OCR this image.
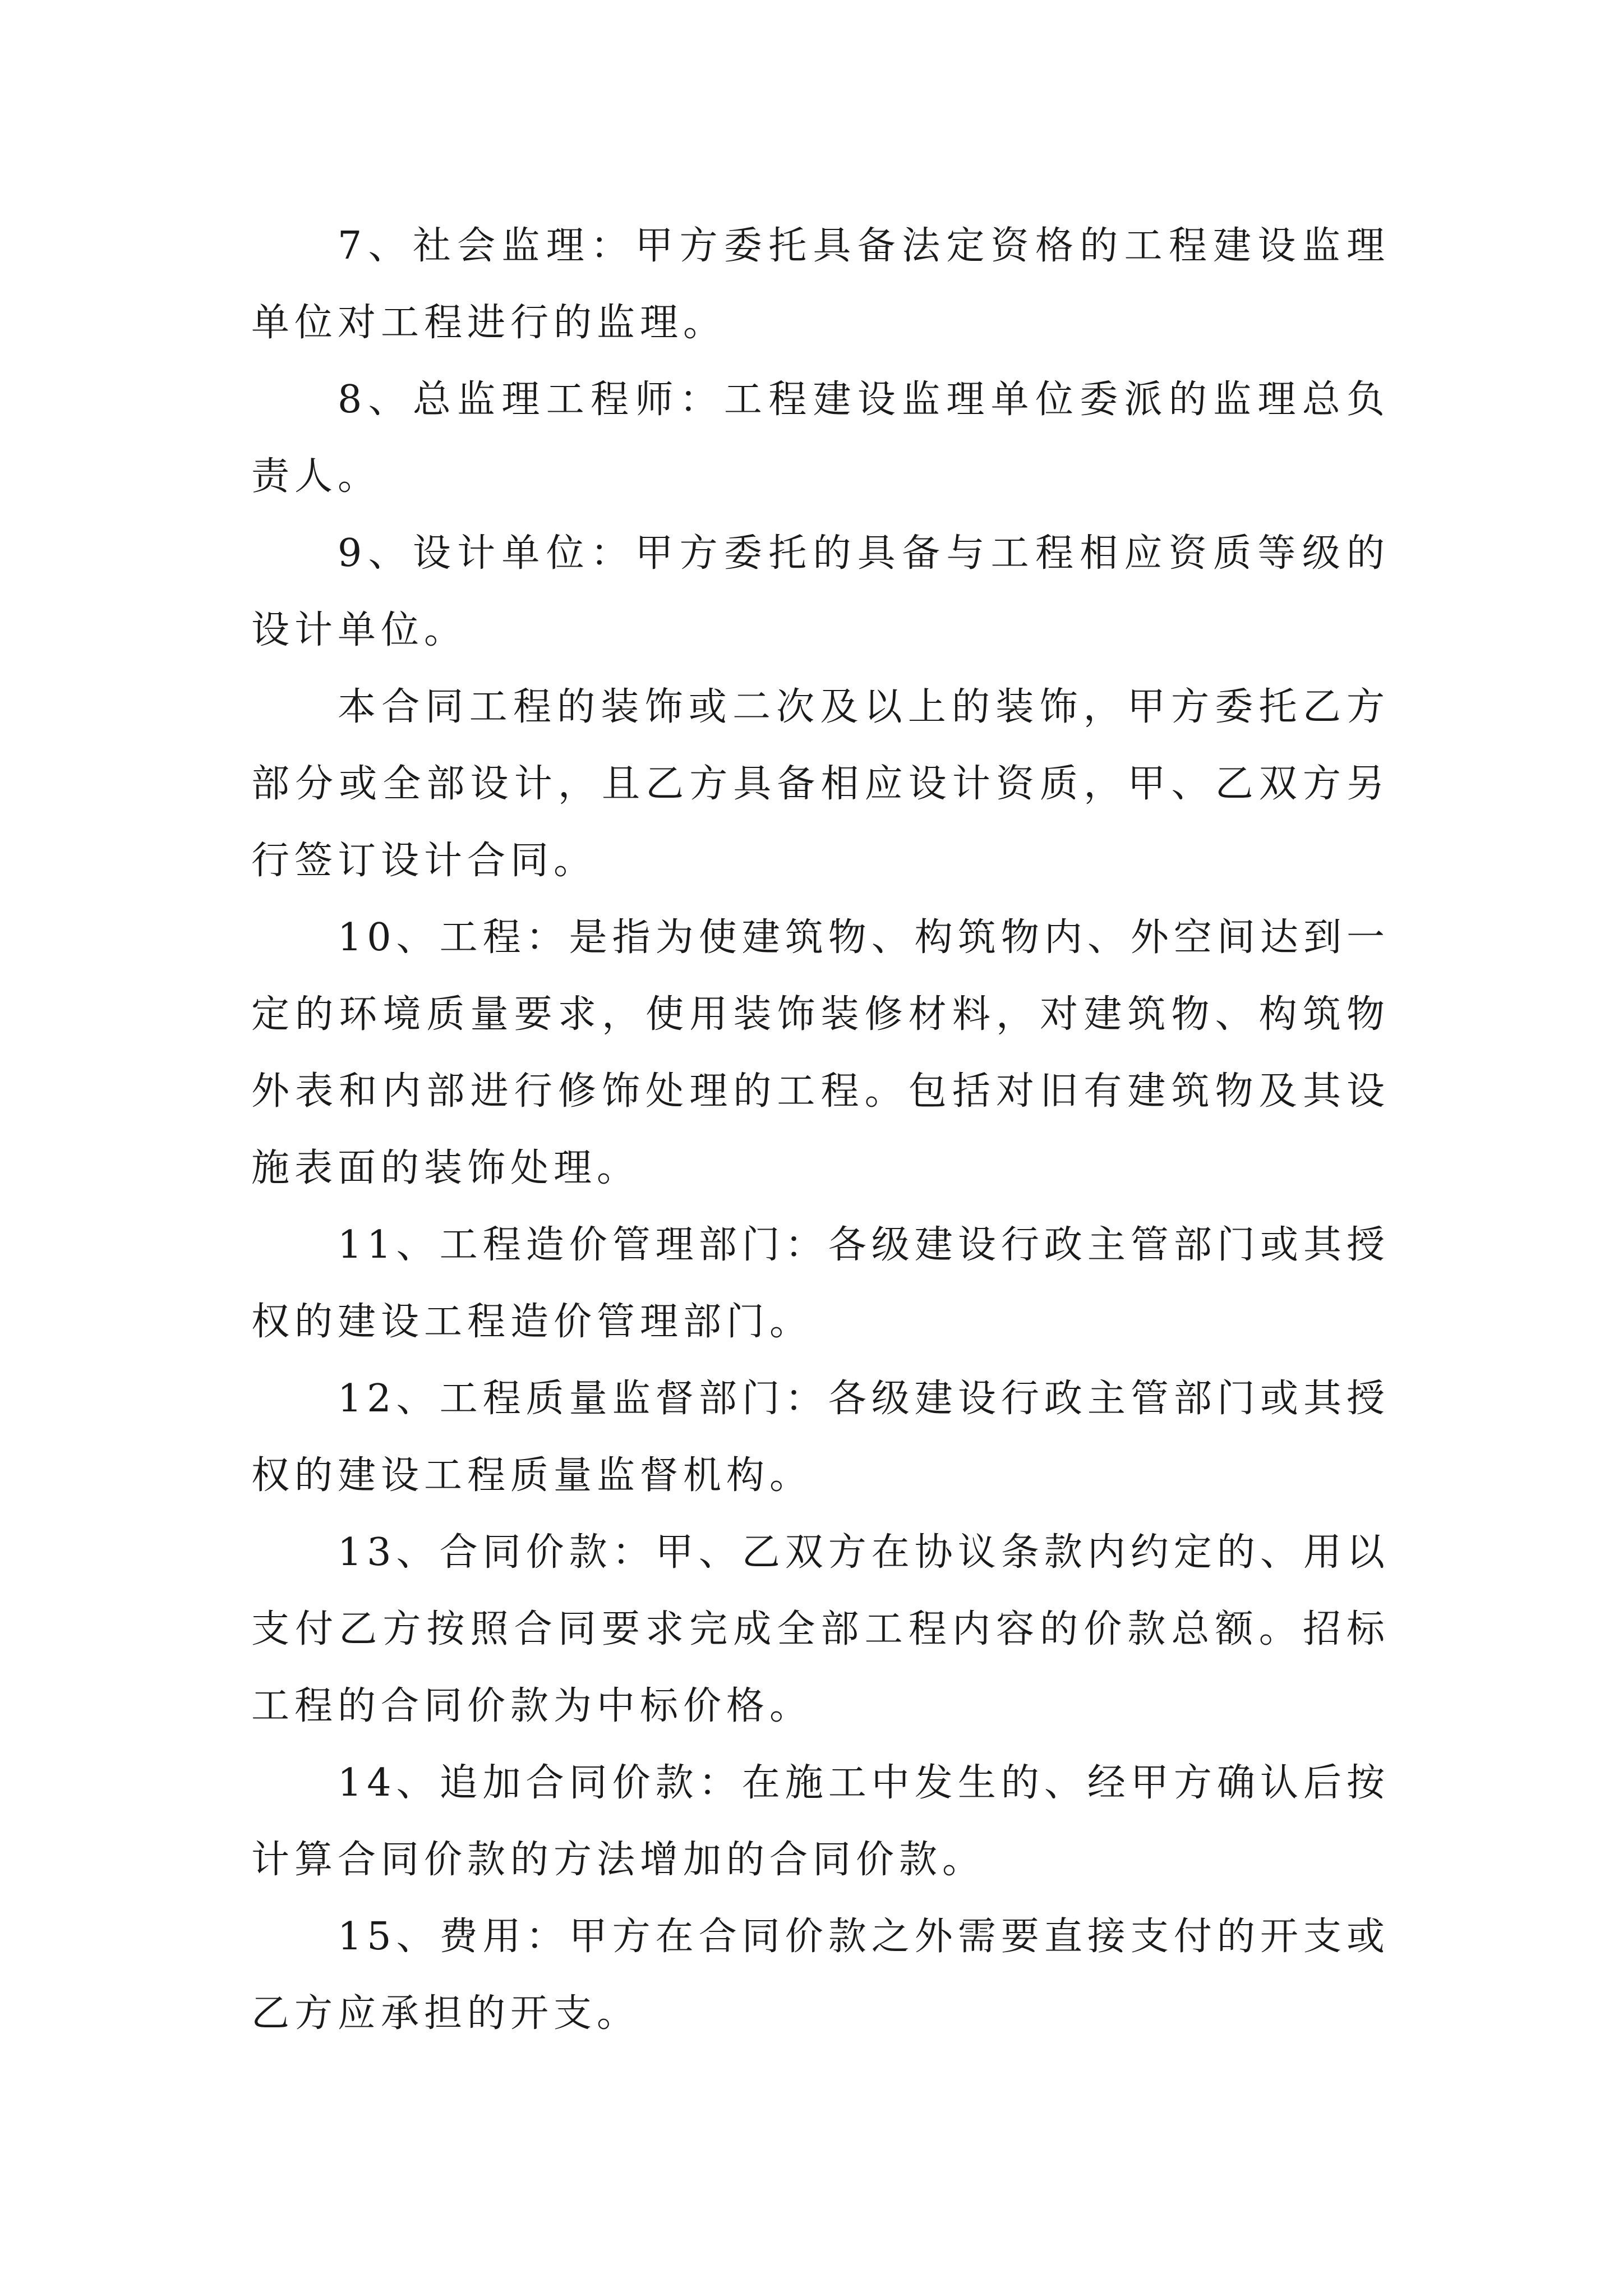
7、社会监理：甲方委托具备法定资格的工程建设监理单位对工程进行的监理。

8、总监理工程师：工程建设监理单位委派的监理总负责人。

9、设计单位：甲方委托的具备与工程相应资质等级的设计单位。

本合同工程的装饰或二次及以上的装饰，甲方委托乙方部分或全部设计，且乙方具备相应设计资质，甲、乙双方另行签订设计合同。

10、工程：是指为使建筑物、构筑物内、外空间达到一定的环境质量要求，使用装饰装修材料，对建筑物、构筑物外表和内部进行修饰处理的工程。包括对旧有建筑物及其设施表面的装饰处理。

11、工程造价管理部门：各级建设行政主管部门或其授权的建设工程造价管理部门。

12、工程质量监督部门：各级建设行政主管部门或其授权的建设工程质量监督机构。

13、合同价款：甲、乙双方在协议条款内约定的、用以支付乙方按照合同要求完成全部工程内容的价款总额。招标工程的合同价款为中标价格。

14、追加合同价款：在施工中发生的、经甲方确认后按计算合同价款的方法增加的合同价款。

15、费用：甲方在合同价款之外需要直接支付的开支或乙方应承担的开支。
